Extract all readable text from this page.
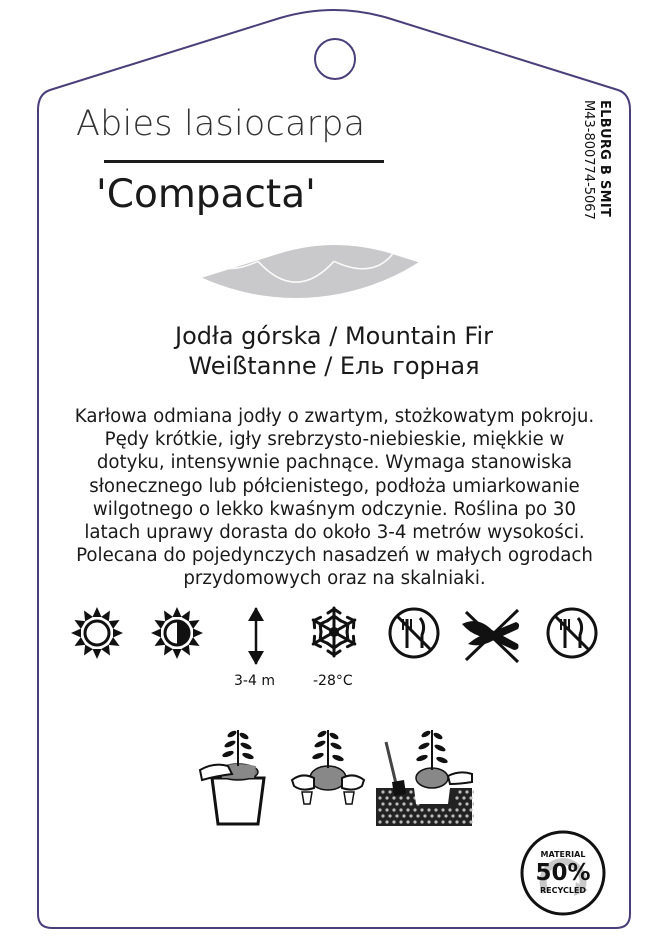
Abies lasiocarpa
'Compacta'	ELBURG B SMIT
M43-800774-5067
Jodła górska / Mountain Fir
Weißtanne / Ель горная
Karłowa odmiana jodły o zwartym, stożkowatym pokroju.
Pędy krótkie, igły srebrzysto-niebieskie, miękkie w
dotyku, intensywnie pachnące. Wymaga stanowiska
słonecznego lub półcienistego, podłoża umiarkowanie
wilgotnego o lekko kwaśnym odczynie. Roślina po 30
latach uprawy dorasta do około 3-4 metrów wysokości.
Polecana do pojedynczych nasadzeń w małych ogrodach
przydomowych oraz na skalniaki.
3-4 m	-28°C
MATERIAL
50%
RECYCLED
